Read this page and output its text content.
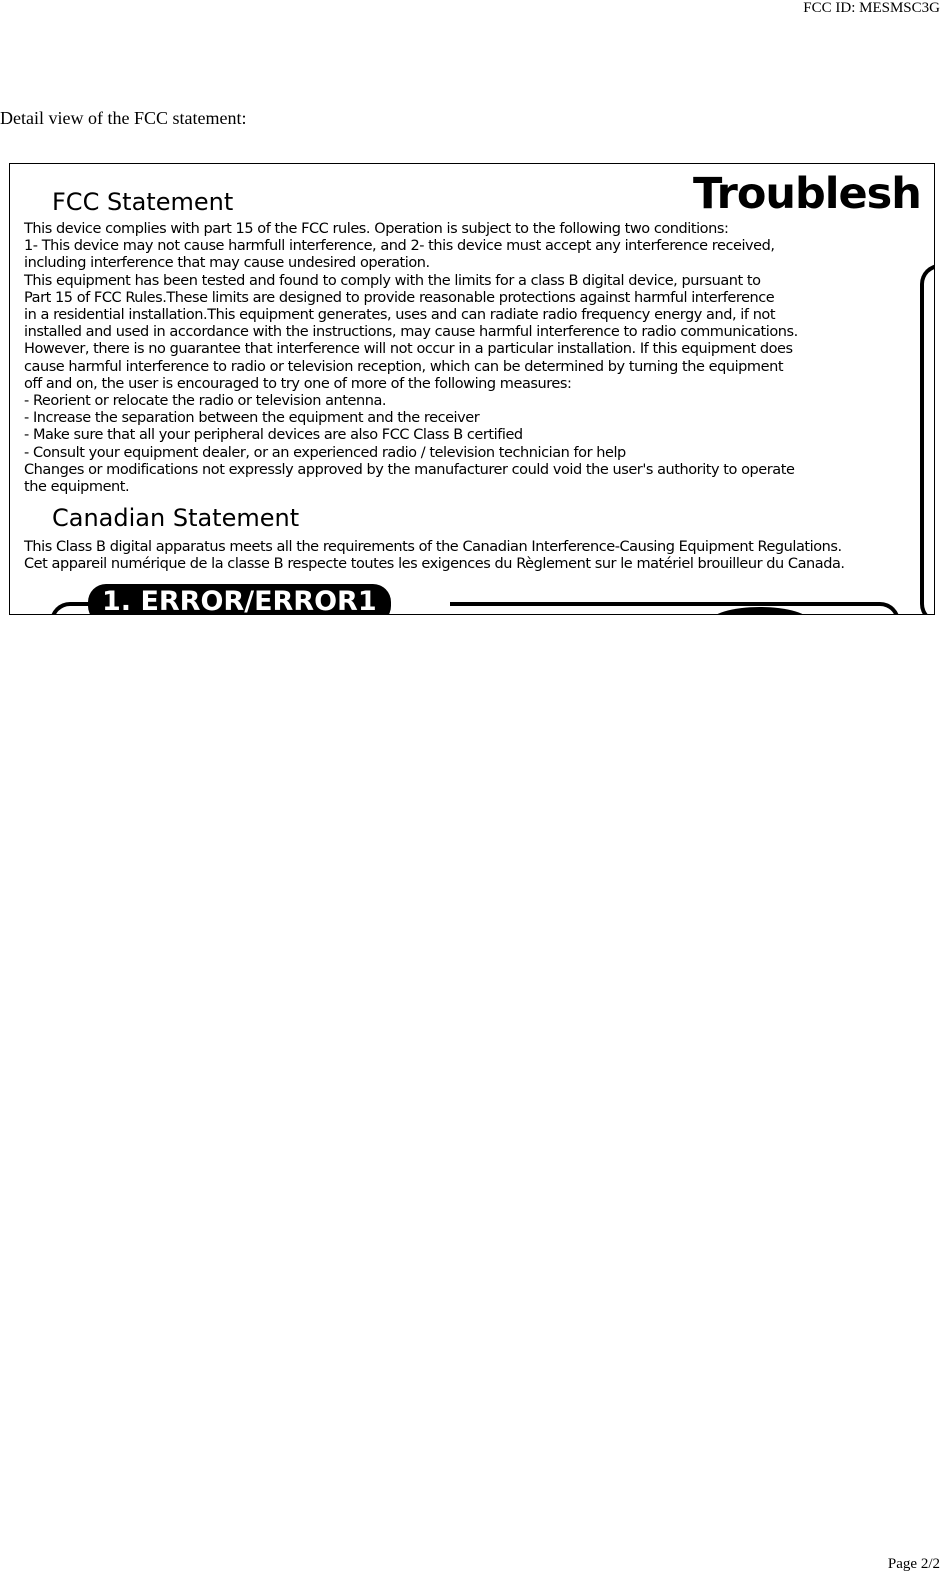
FCC ID: MESMSC3G
Detail view of the FCC statement:
Troublesh
FCC Statement
This device complies with part 15 of the FCC rules. Operation is subject to the following two conditions:
1- This device may not cause harmfull interference, and 2- this device must accept any interference received,
including interference that may cause undesired operation.
This equipment has been tested and found to comply with the limits for a class B digital device, pursuant to
Part 15 of FCC Rules.These limits are designed to provide reasonable protections against harmful interference
in a residential installation.This equipment generates, uses and can radiate radio frequency energy and, if not
installed and used in accordance with the instructions, may cause harmful interference to radio communications.
However, there is no guarantee that interference will not occur in a particular installation. If this equipment does
cause harmful interference to radio or television reception, which can be determined by turning the equipment
off and on, the user is encouraged to try one of more of the following measures:
- Reorient or relocate the radio or television antenna.
- Increase the separation between the equipment and the receiver
- Make sure that all your peripheral devices are also FCC Class B certified
- Consult your equipment dealer, or an experienced radio / television technician for help
Changes or modifications not expressly approved by the manufacturer could void the user's authority to operate
the equipment.
Canadian Statement
This Class B digital apparatus meets all the requirements of the Canadian Interference-Causing Equipment Regulations.
Cet appareil numérique de la classe B respecte toutes les exigences du Règlement sur le matériel brouilleur du Canada.
1. ERROR/ERROR1
Page 2/2
